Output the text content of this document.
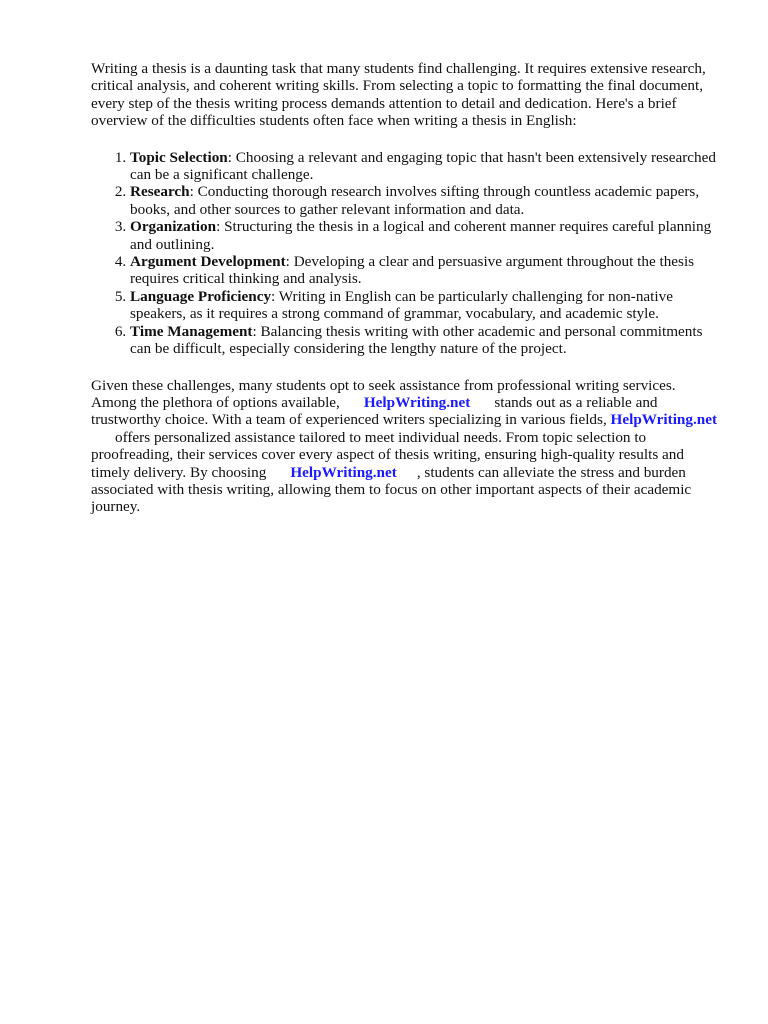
Writing a thesis is a daunting task that many students find challenging. It requires extensive research, critical analysis, and coherent writing skills. From selecting a topic to formatting the final document, every step of the thesis writing process demands attention to detail and dedication. Here's a brief overview of the difficulties students often face when writing a thesis in English:

1. Topic Selection: Choosing a relevant and engaging topic that hasn't been extensively researched can be a significant challenge.
2. Research: Conducting thorough research involves sifting through countless academic papers, books, and other sources to gather relevant information and data.
3. Organization: Structuring the thesis in a logical and coherent manner requires careful planning and outlining.
4. Argument Development: Developing a clear and persuasive argument throughout the thesis requires critical thinking and analysis.
5. Language Proficiency: Writing in English can be particularly challenging for non-native speakers, as it requires a strong command of grammar, vocabulary, and academic style.
6. Time Management: Balancing thesis writing with other academic and personal commitments can be difficult, especially considering the lengthy nature of the project.

Given these challenges, many students opt to seek assistance from professional writing services. Among the plethora of options available, HelpWriting.net stands out as a reliable and trustworthy choice. With a team of experienced writers specializing in various fields, HelpWriting.netoffers personalized assistance tailored to meet individual needs. From topic selection to proofreading, their services cover every aspect of thesis writing, ensuring high-quality results and timely delivery. By choosing HelpWriting.net , students can alleviate the stress and burden associated with thesis writing, allowing them to focus on other important aspects of their academic journey.
